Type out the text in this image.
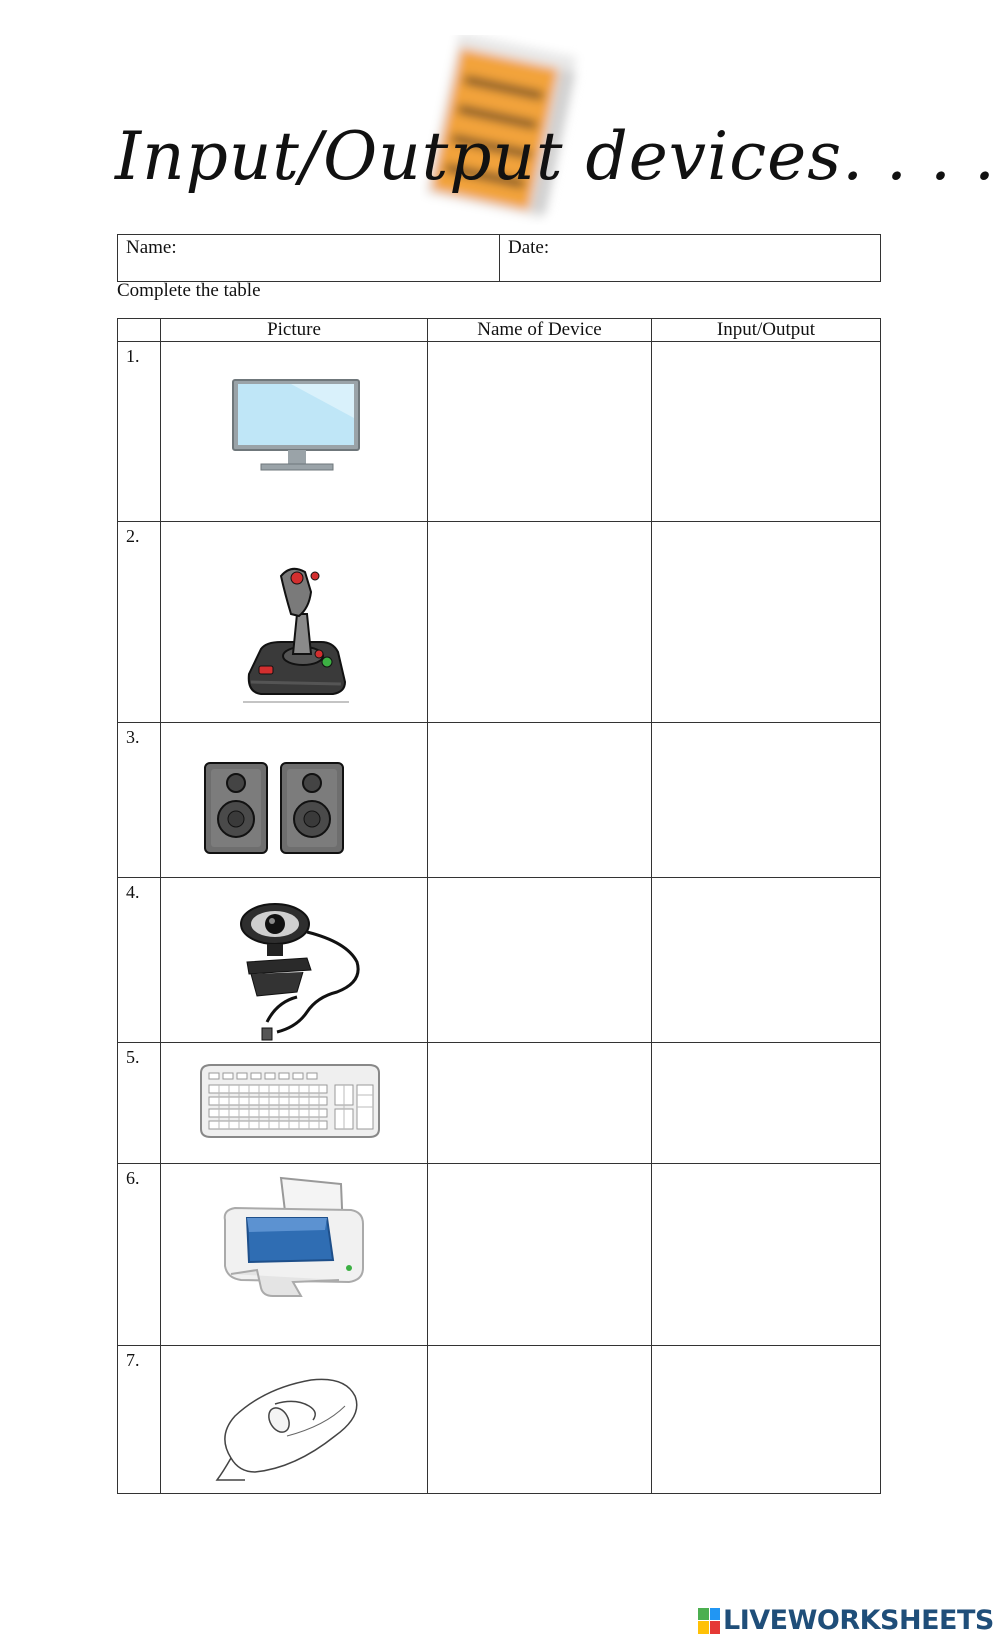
Input/Output devices. . . .
Name:	Date:
Complete the table
	Picture	Name of Device	Input/Output

1.

2.

3.

4.

5.

6.

7.

LIVEWORKSHEETS
